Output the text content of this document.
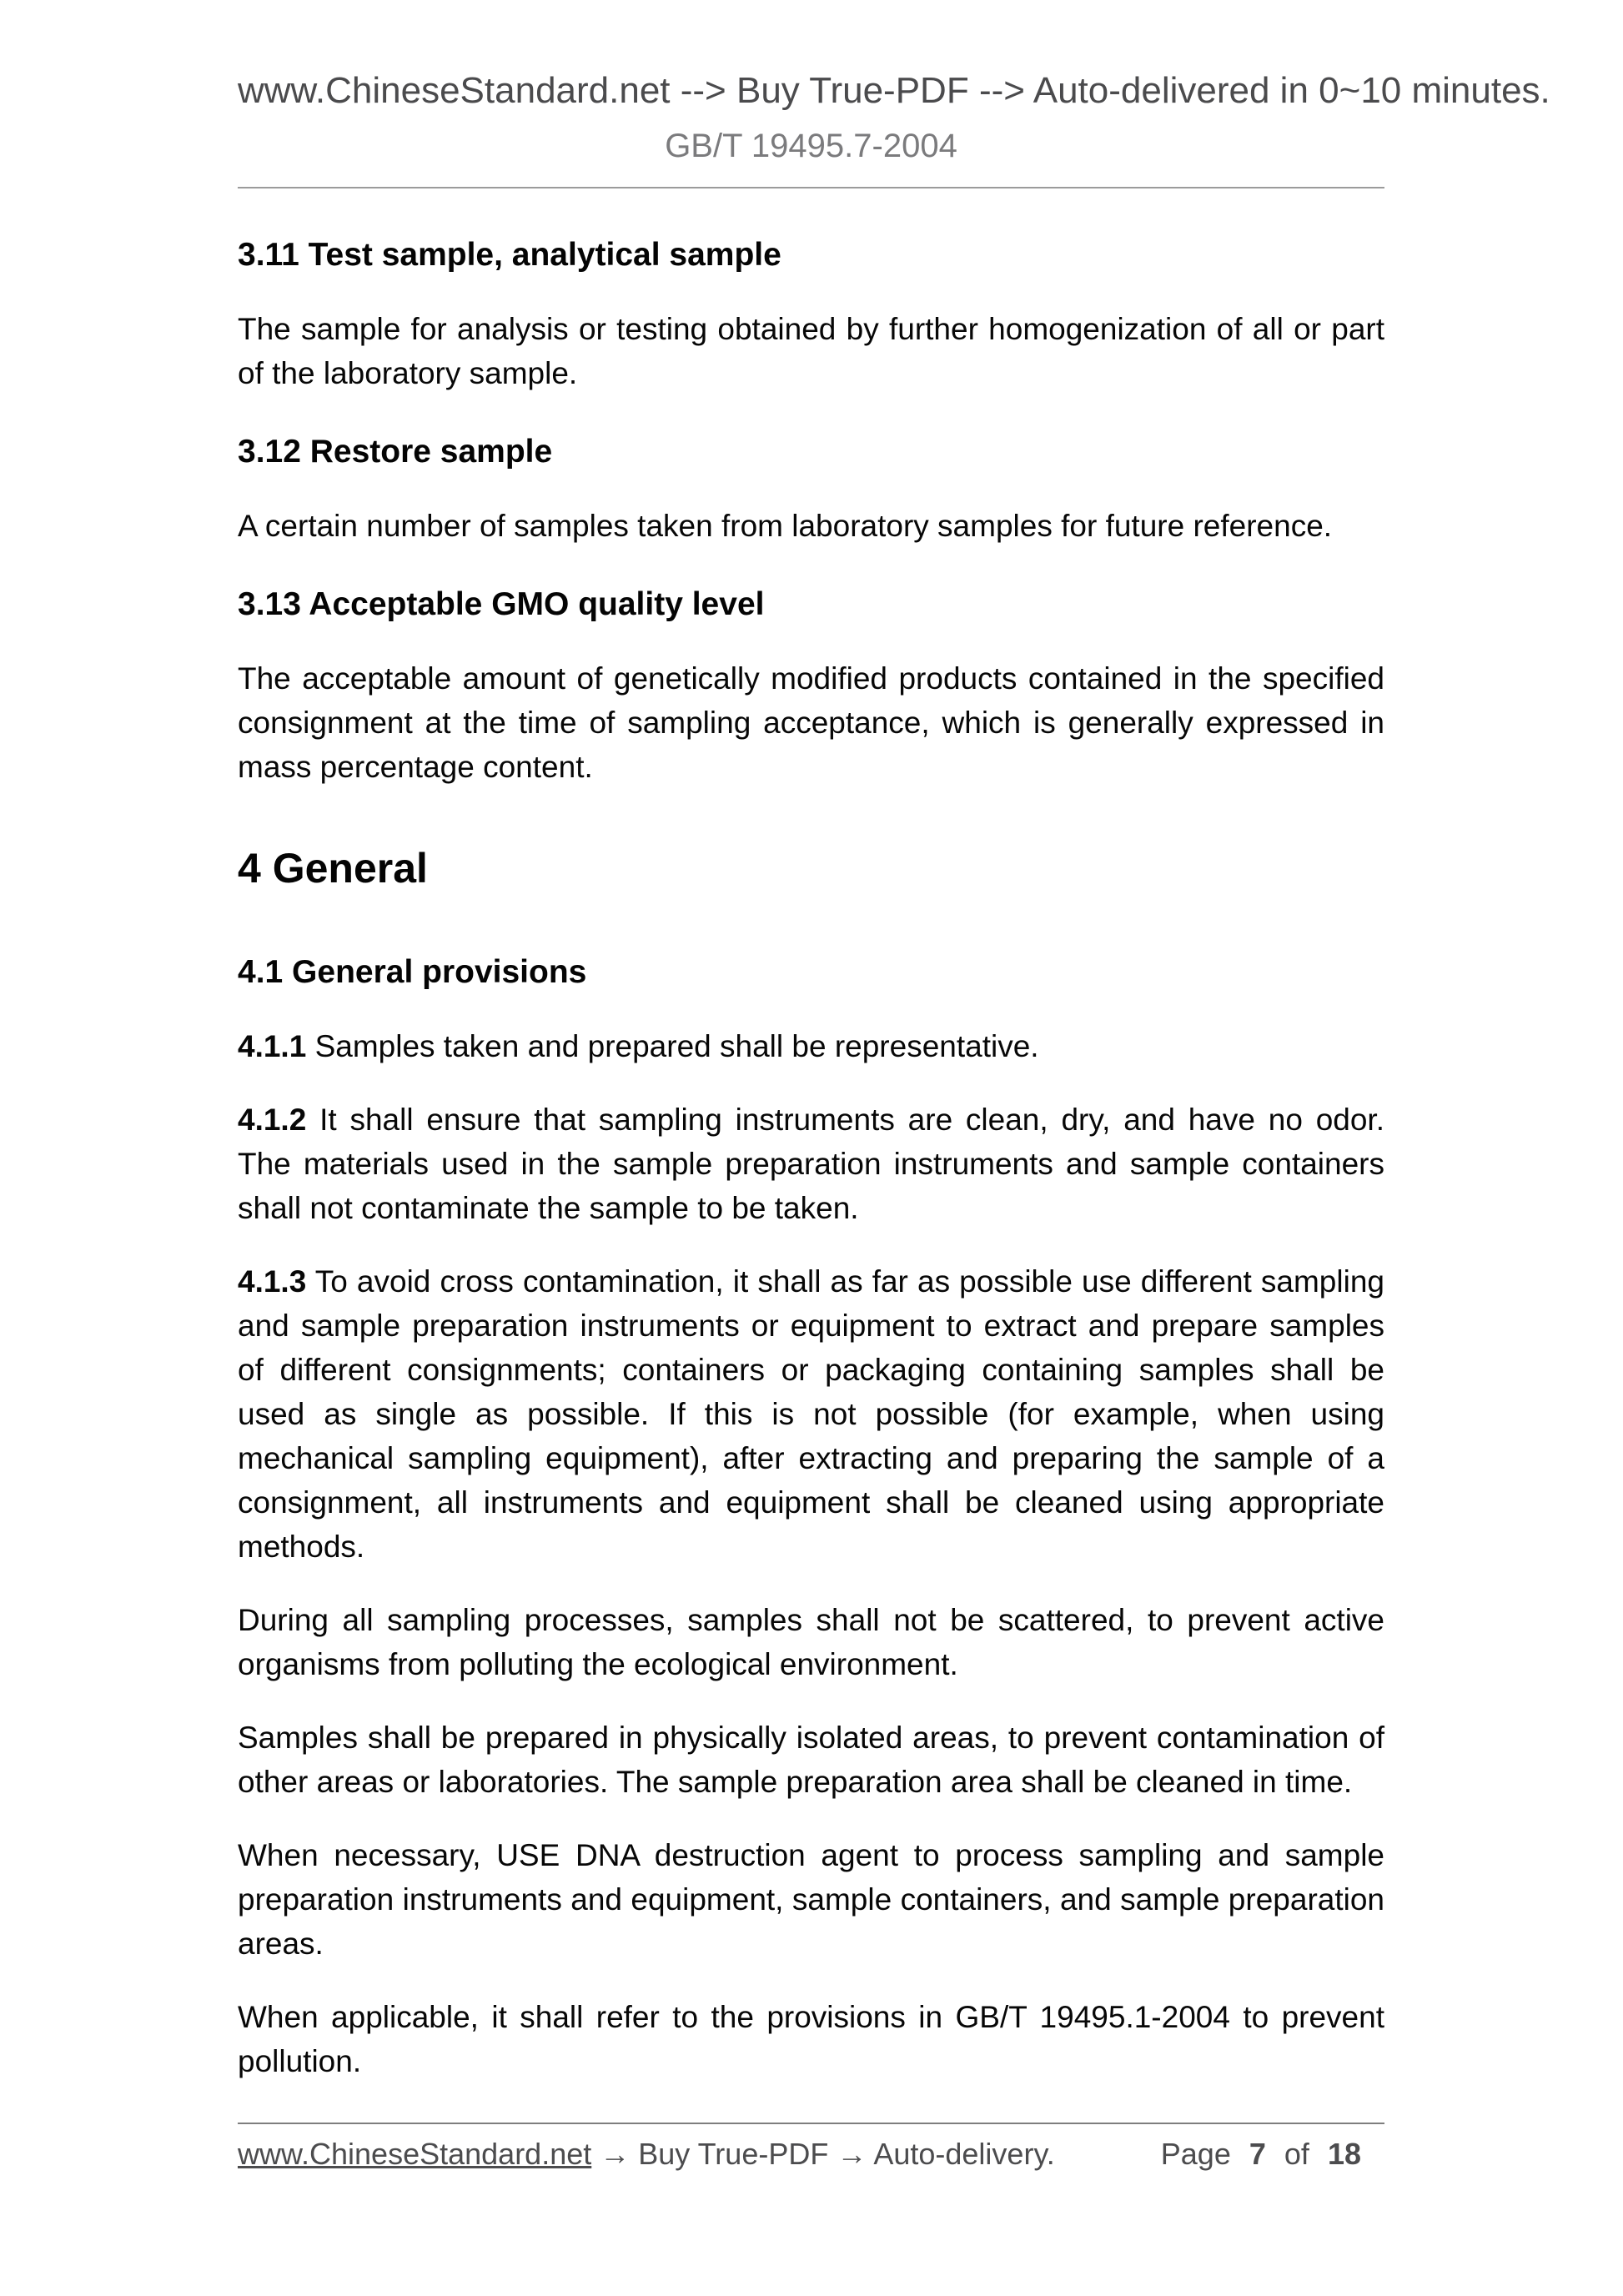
www.ChineseStandard.net --> Buy True-PDF --> Auto-delivered in 0~10 minutes.
GB/T 19495.7-2004
3.11 Test sample, analytical sample

The sample for analysis or testing obtained by further homogenization of all or part of the laboratory sample.

3.12 Restore sample

A certain number of samples taken from laboratory samples for future reference.

3.13 Acceptable GMO quality level

The acceptable amount of genetically modified products contained in the specified consignment at the time of sampling acceptance, which is generally expressed in mass percentage content.

4 General
4.1 General provisions

4.1.1 Samples taken and prepared shall be representative.

4.1.2 It shall ensure that sampling instruments are clean, dry, and have no odor. The materials used in the sample preparation instruments and sample containers shall not contaminate the sample to be taken.

4.1.3 To avoid cross contamination, it shall as far as possible use different sampling and sample preparation instruments or equipment to extract and prepare samples of different consignments; containers or packaging containing samples shall be used as single as possible. If this is not possible (for example, when using mechanical sampling equipment), after extracting and preparing the sample of a consignment, all instruments and equipment shall be cleaned using appropriate methods.

During all sampling processes, samples shall not be scattered, to prevent active organisms from polluting the ecological environment.

Samples shall be prepared in physically isolated areas, to prevent contamination of other areas or laboratories. The sample preparation area shall be cleaned in time.

When necessary, USE DNA destruction agent to process sampling and sample preparation instruments and equipment, sample containers, and sample preparation areas.

When applicable, it shall refer to the provisions in GB/T 19495.1-2004 to prevent pollution.

www.ChineseStandard.net → Buy True-PDF → Auto-delivery.	Page 7 of 18
